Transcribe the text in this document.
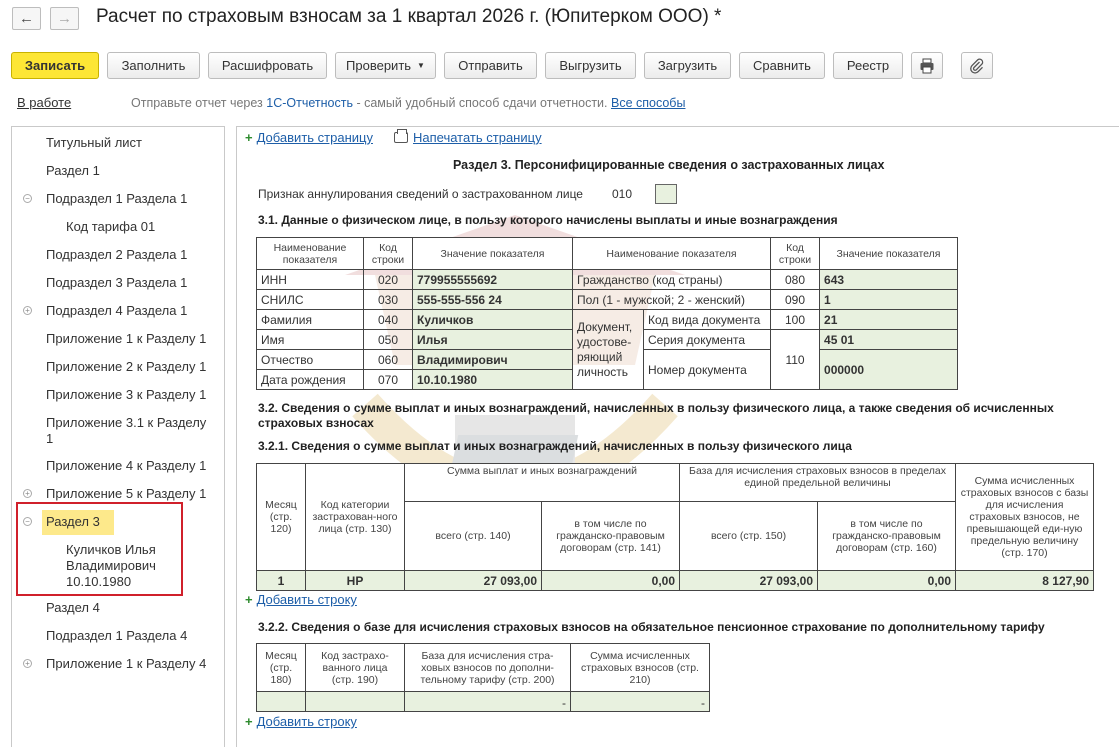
← → Расчет по страховым взносам за 1 квартал 2026 г. (Юпитерком ООО) *
Записать	Заполнить	Расшифровать	Проверить ▼	Отправить	Выгрузить	Загрузить	Сравнить	Реестр
В работе	Отправьте отчет через 1С-Отчетность - самый удобный способ сдачи отчетности. Все способы
Титульный лист
Раздел 1
− Подраздел 1 Раздела 1
Код тарифа 01
Подраздел 2 Раздела 1
Подраздел 3 Раздела 1
+ Подраздел 4 Раздела 1
Приложение 1 к Разделу 1
Приложение 2 к Разделу 1
Приложение 3 к Разделу 1
Приложение 3.1 к Разделу
1
Приложение 4 к Разделу 1
+ Приложение 5 к Разделу 1
− Раздел 3
Куличков Илья
Владимирович
10.10.1980
Раздел 4
Подраздел 1 Раздела 4
+ Приложение 1 к Разделу 4
+ Добавить страницу	Напечатать страницу
Раздел 3. Персонифицированные сведения о застрахованных лицах
Признак аннулирования сведений о застрахованном лице 010
3.1. Данные о физическом лице, в пользу которого начислены выплаты и иные вознаграждения
Наименование показателя	Код строки	Значение показателя	Наименование показателя		Код строки	Значение показателя
ИНН	020	779955555692	Гражданство (код страны)		080	643
СНИЛС	030	555-555-556 24	Пол (1 - мужской; 2 - женский)		090	1
Фамилия	040	Куличков	Документ, удостове-ряющий личность	Код вида документа	100	21
Имя	050	Илья		Серия документа	110	45 01
Отчество	060	Владимирович		Номер документа		000000
Дата рождения	070	10.10.1980				
3.2. Сведения о сумме выплат и иных вознаграждений, начисленных в пользу физического лица, а также сведения об исчисленных страховых взносах
3.2.1. Сведения о сумме выплат и иных вознаграждений, начисленных в пользу физического лица
Месяц (стр. 120)	Код категории застрахован-ного лица (стр. 130)	Сумма выплат и иных вознаграждений		База для исчисления страховых взносов в пределах единой предельной величины		Сумма исчисленных страховых взносов с базы для исчисления страховых взносов, не превышающей еди-ную предельную величину (стр. 170)
		всего (стр. 140)	в том числе по гражданско-правовым договорам (стр. 141)	всего (стр. 150)	в том числе по гражданско-правовым договорам (стр. 160)	
1	НР	27 093,00	0,00	27 093,00	0,00	8 127,90
+ Добавить строку
3.2.2. Сведения о базе для исчисления страховых взносов на обязательное пенсионное страхование по дополнительному тарифу
Месяц (стр. 180)	Код застрахо-ванного лица (стр. 190)	База для исчисления стра-ховых взносов по дополни-тельному тарифу (стр. 200)	Сумма исчисленных страховых взносов (стр. 210)
		-	-
+ Добавить строку
